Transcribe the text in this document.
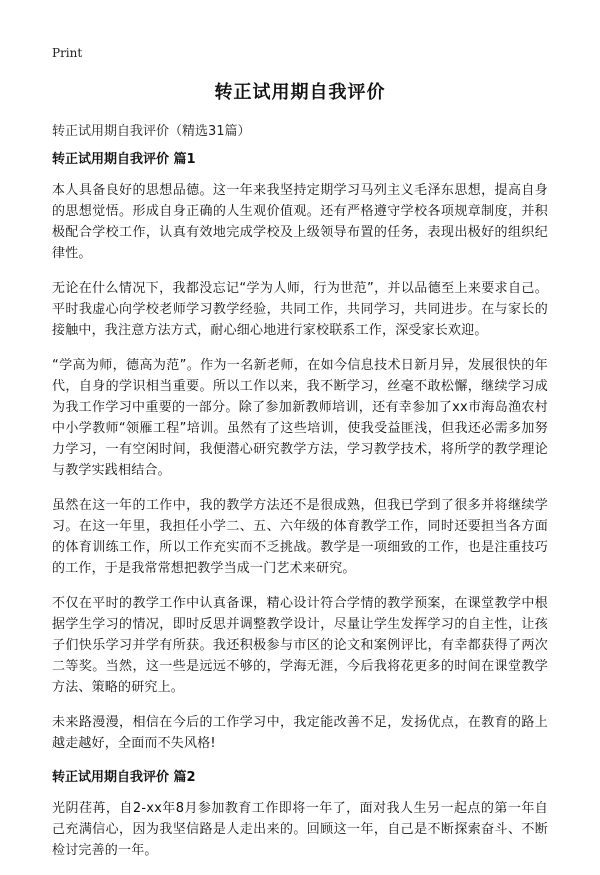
Print
转正试用期自我评价
转正试用期自我评价（精选31篇）
转正试用期自我评价 篇1

本人具备良好的思想品德。这一年来我坚持定期学习马列主义毛泽东思想，提高自身的思想觉悟。形成自身正确的人生观价值观。还有严格遵守学校各项规章制度，并积极配合学校工作，认真有效地完成学校及上级领导布置的任务，表现出极好的组织纪律性。

无论在什么情况下，我都没忘记“学为人师，行为世范”，并以品德至上来要求自己。平时我虚心向学校老师学习教学经验，共同工作，共同学习，共同进步。在与家长的接触中，我注意方法方式，耐心细心地进行家校联系工作，深受家长欢迎。

“学高为师，德高为范”。作为一名新老师，在如今信息技术日新月异，发展很快的年代，自身的学识相当重要。所以工作以来，我不断学习，丝毫不敢松懈，继续学习成为我工作学习中重要的一部分。除了参加新教师培训，还有幸参加了xx市海岛渔农村中小学教师“领雁工程”培训。虽然有了这些培训，使我受益匪浅，但我还必需多加努力学习，一有空闲时间，我便潜心研究教学方法，学习教学技术，将所学的教学理论与教学实践相结合。

虽然在这一年的工作中，我的教学方法还不是很成熟，但我已学到了很多并将继续学习。在这一年里，我担任小学二、五、六年级的体育教学工作，同时还要担当各方面的体育训练工作，所以工作充实而不乏挑战。教学是一项细致的工作，也是注重技巧的工作，于是我常常想把教学当成一门艺术来研究。

不仅在平时的教学工作中认真备课，精心设计符合学情的教学预案，在课堂教学中根据学生学习的情况，即时反思并调整教学设计，尽量让学生发挥学习的自主性，让孩子们快乐学习并学有所获。我还积极参与市区的论文和案例评比，有幸都获得了两次二等奖。当然，这一些是远远不够的，学海无涯，今后我将花更多的时间在课堂教学方法、策略的研究上。

未来路漫漫，相信在今后的工作学习中，我定能改善不足，发扬优点，在教育的路上越走越好，全面而不失风格!

转正试用期自我评价 篇2

光阴荏苒，自2-xx年8月参加教育工作即将一年了，面对我人生另一起点的第一年自己充满信心，因为我坚信路是人走出来的。回顾这一年，自己是不断探索奋斗、不断检讨完善的一年。
